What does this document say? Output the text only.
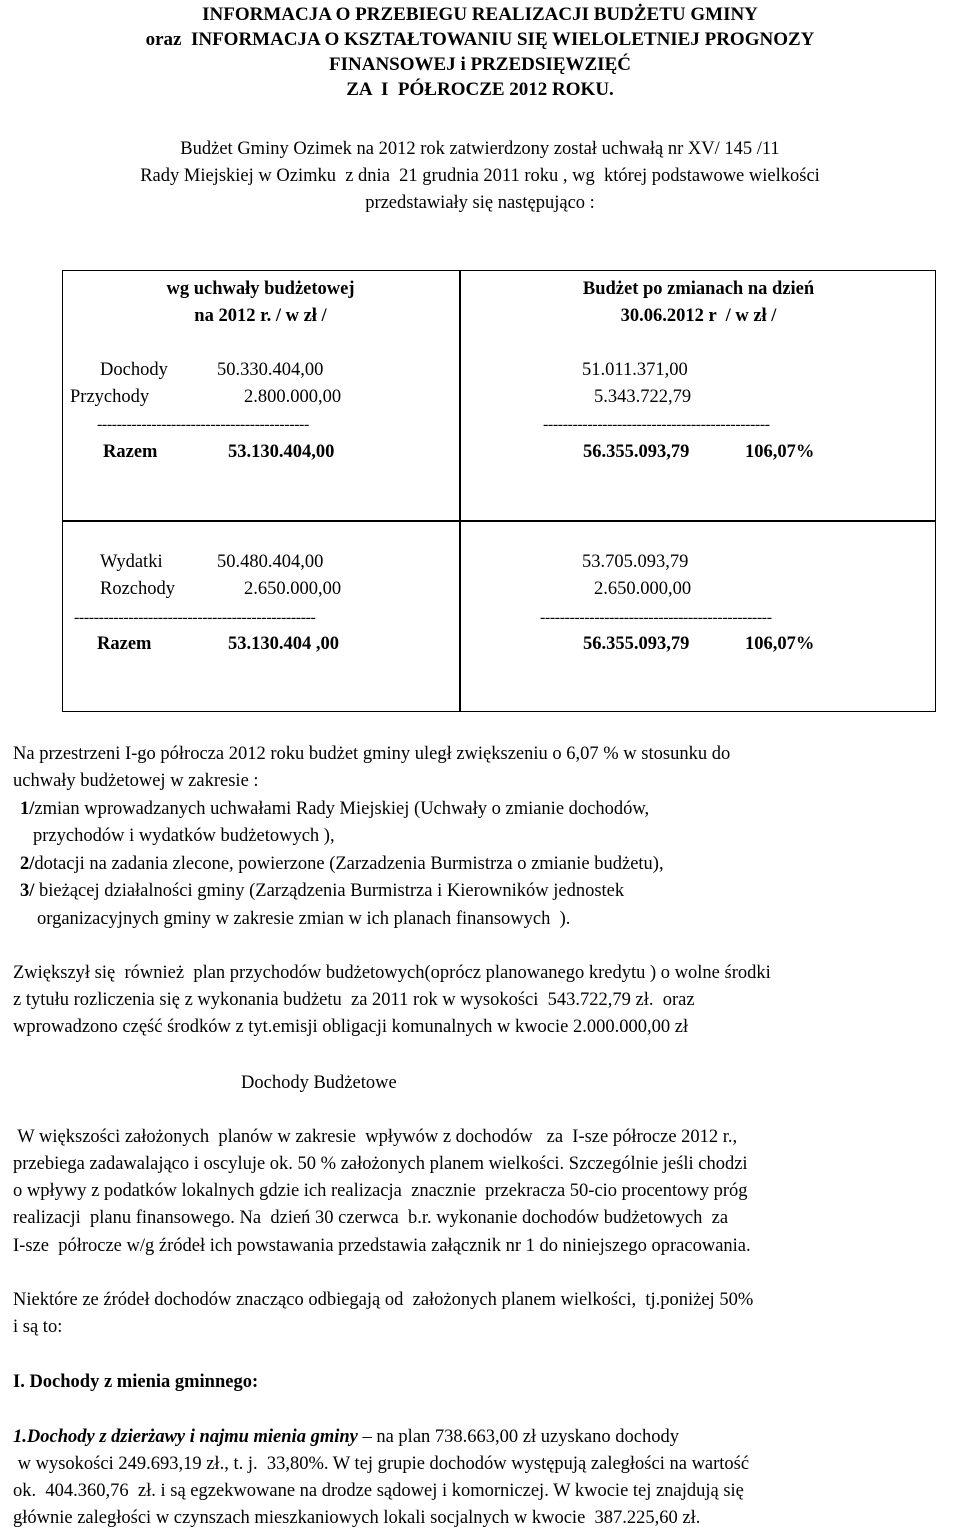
INFORMACJA O PRZEBIEGU REALIZACJI BUDŻETU GMINY
oraz  INFORMACJA O KSZTAŁTOWANIU SIĘ WIELOLETNIEJ PROGNOZY
FINANSOWEJ i PRZEDSIĘWZIĘĆ
ZA  I  PÓŁROCZE 2012 ROKU.
Budżet Gminy Ozimek na 2012 rok zatwierdzony został uchwałą nr XV/ 145 /11
Rady Miejskiej w Ozimku  z dnia  21 grudnia 2011 roku , wg  której podstawowe wielkości
przedstawiały się następująco :
wg uchwały budżetowej
na 2012 r. / w zł /
Budżet po zmianach na dzień
30.06.2012 r  / w zł /
Dochody	50.330.404,00	51.011.371,00
Przychody	2.800.000,00	5.343.722,79
-------------------------------------------	----------------------------------------------
Razem	53.130.404,00	56.355.093,79	106,07%
Wydatki	50.480.404,00	53.705.093,79
Rozchody	2.650.000,00	2.650.000,00
-------------------------------------------------	-----------------------------------------------
Razem	53.130.404 ,00	56.355.093,79	106,07%
Na przestrzeni I-go półrocza 2012 roku budżet gminy uległ zwiększeniu o 6,07 % w stosunku do
uchwały budżetowej w zakresie :
1/zmian wprowadzanych uchwałami Rady Miejskiej (Uchwały o zmianie dochodów,
przychodów i wydatków budżetowych ),
2/dotacji na zadania zlecone, powierzone (Zarzadzenia Burmistrza o zmianie budżetu),
3/ bieżącej działalności gminy (Zarządzenia Burmistrza i Kierowników jednostek
organizacyjnych gminy w zakresie zmian w ich planach finansowych  ).
Zwiększył się  również  plan przychodów budżetowych(oprócz planowanego kredytu ) o wolne środki
z tytułu rozliczenia się z wykonania budżetu  za 2011 rok w wysokości  543.722,79 zł.  oraz
wprowadzono część środków z tyt.emisji obligacji komunalnych w kwocie 2.000.000,00 zł
Dochody Budżetowe
W większości założonych  planów w zakresie  wpływów z dochodów   za  I-sze półrocze 2012 r.,
przebiega zadawalająco i oscyluje ok. 50 % założonych planem wielkości. Szczególnie jeśli chodzi
o wpływy z podatków lokalnych gdzie ich realizacja  znacznie  przekracza 50-cio procentowy próg
realizacji  planu finansowego. Na  dzień 30 czerwca  b.r. wykonanie dochodów budżetowych  za
I-sze  półrocze w/g źródeł ich powstawania przedstawia załącznik nr 1 do niniejszego opracowania.
Niektóre ze źródeł dochodów znacząco odbiegają od  założonych planem wielkości,  tj.poniżej 50%
i są to:
I. Dochody z mienia gminnego:
1.Dochody z dzierżawy i najmu mienia gminy – na plan 738.663,00 zł uzyskano dochody
w wysokości 249.693,19 zł., t. j.  33,80%. W tej grupie dochodów występują zaległości na wartość
ok.  404.360,76  zł. i są egzekwowane na drodze sądowej i komorniczej. W kwocie tej znajdują się
głównie zaległości w czynszach mieszkaniowych lokali socjalnych w kwocie  387.225,60 zł.
